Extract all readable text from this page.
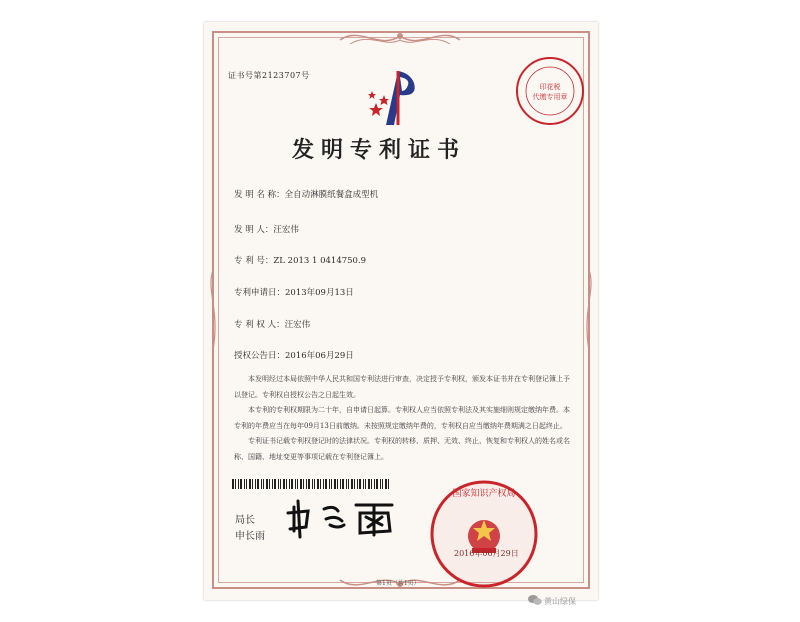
证书号第2123707号
印花税
代缴专用章
发明专利证书
发 明 名 称：全自动淋膜纸餐盒成型机
发 明 人：汪宏伟
专 利 号：ZL 2013 1 0414750.9
专利申请日：2013年09月13日
专 利 权 人：汪宏伟
授权公告日：2016年06月29日
本发明经过本局依照中华人民共和国专利法进行审查，决定授予专利权，颁发本证书并在专利登记簿上予以登记。专利权自授权公告之日起生效。
本专利的专利权期限为二十年，自申请日起算。专利权人应当依照专利法及其实施细则规定缴纳年费。本专利的年费应当在每年09月13日前缴纳。未按照规定缴纳年费的，专利权自应当缴纳年费期满之日起终止。
专利证书记载专利权登记时的法律状况。专利权的转移、质押、无效、终止、恢复和专利权人的姓名或名称、国籍、地址变更等事项记载在专利登记簿上。
局长
申长雨
国家知识产权局
2016年06月29日
第1页（共1页）
黄山绿保
